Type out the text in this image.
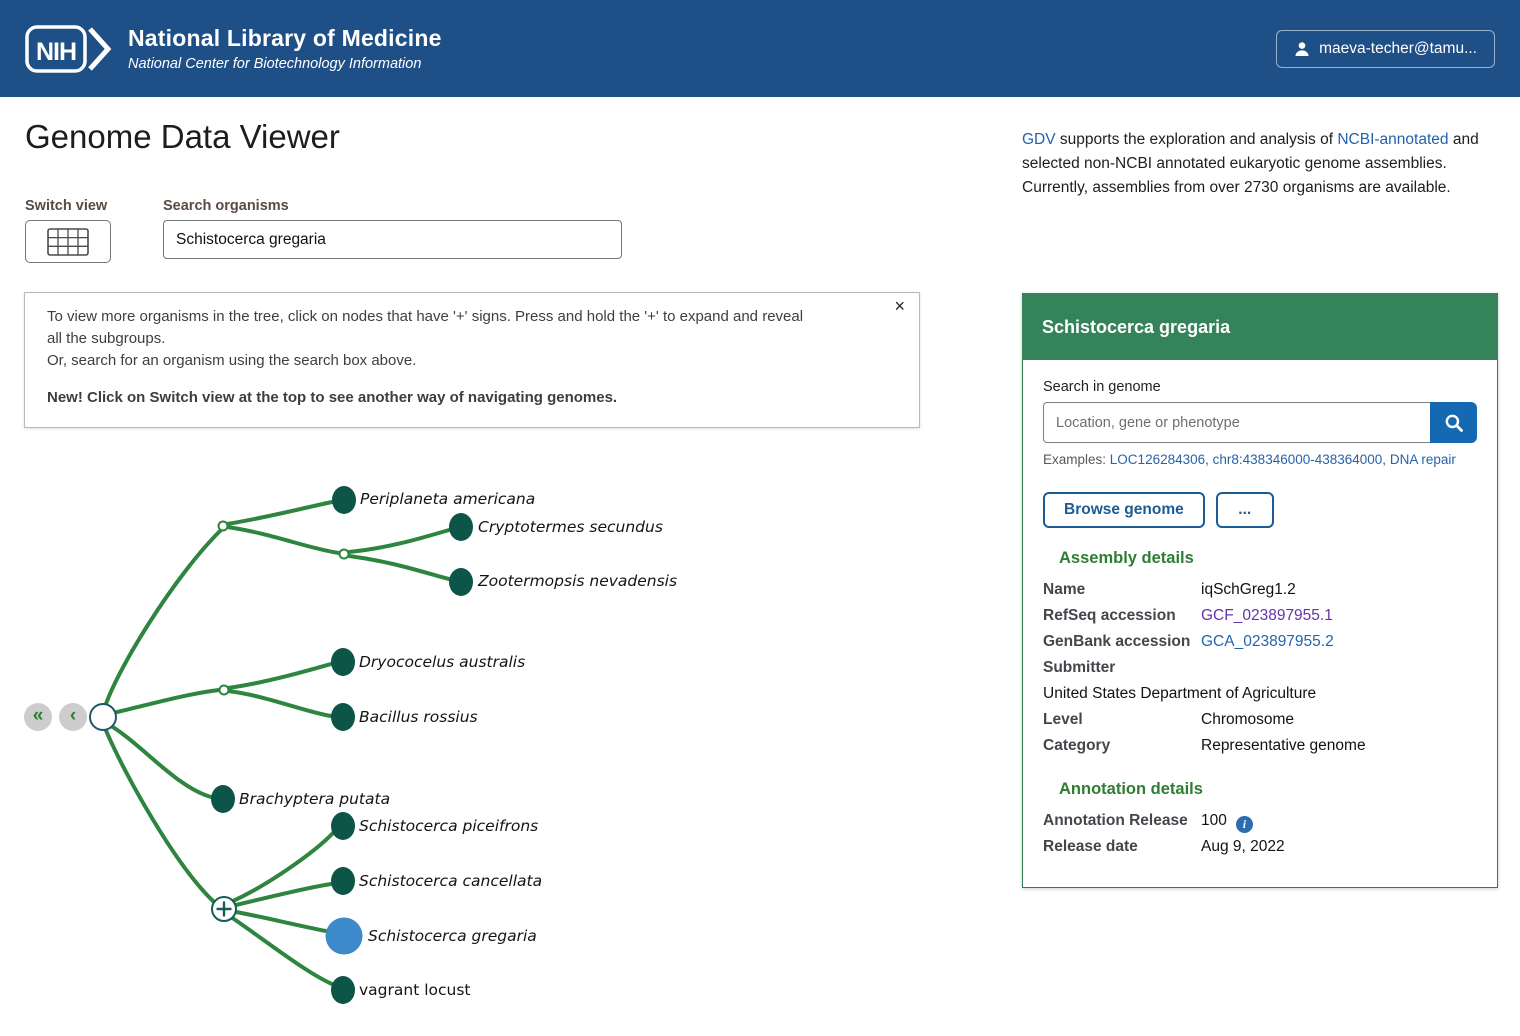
NIH National Library of Medicine
National Center for Biotechnology Information
maeva-techer@tamu...
Genome Data Viewer
Switch view	Search organisms
Schistocerca gregaria
×
To view more organisms in the tree, click on nodes that have '+' signs. Press and hold the '+' to expand and reveal all the subgroups.
Or, search for an organism using the search box above.
New! Click on Switch view at the top to see another way of navigating genomes.

GDV supports the exploration and analysis of NCBI-annotated and selected non-NCBI annotated eukaryotic genome assemblies. Currently, assemblies from over 2730 organisms are available.

Periplaneta americana
Cryptotermes secundus
Zootermopsis nevadensis
Dryococelus australis
Bacillus rossius
Brachyptera putata
Schistocerca piceifrons
Schistocerca cancellata
Schistocerca gregaria
vagrant locust
« ‹
Schistocerca gregaria
Search in genome
Location, gene or phenotype
Examples: LOC126284306, chr8:438346000-438364000, DNA repair
Browse genome	...
Assembly details
Name	iqSchGreg1.2
RefSeq accession	GCF_023897955.1
GenBank accession GCA_023897955.2
Submitter
United States Department of Agriculture
Level	Chromosome
Category	Representative genome
Annotation details
Annotation Release 100 i
Release date	Aug 9, 2022
